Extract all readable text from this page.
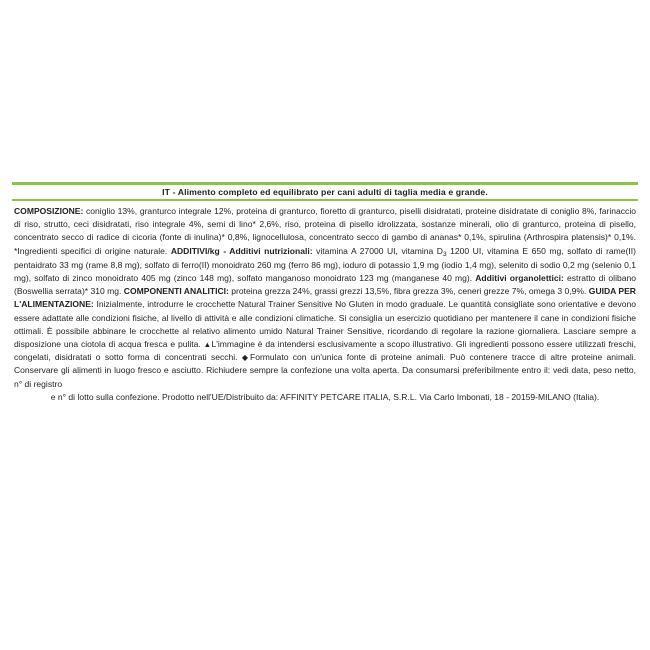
IT - Alimento completo ed equilibrato per cani adulti di taglia media e grande.
COMPOSIZIONE: coniglio 13%, granturco integrale 12%, proteina di granturco, fioretto di granturco, piselli disidratati, proteine disidratate di coniglio 8%, farinaccio di riso, strutto, ceci disidratati, riso integrale 4%, semi di lino* 2,6%, riso, proteina di pisello idrolizzata, sostanze minerali, olio di granturco, proteina di pisello, concentrato secco di radice di cicoria (fonte di inulina)* 0,8%, lignocellulosa, concentrato secco di gambo di ananas* 0,1%, spirulina (Arthrospira platensis)* 0,1%. *Ingredienti specifici di origine naturale. ADDITIVI/kg - Additivi nutrizionali: vitamina A 27000 UI, vitamina $D_3$ 1200 UI, vitamina E 650 mg, solfato di rame(II) pentaidrato 33 mg (rame 8,8 mg), solfato di ferro(II) monoidrato 260 mg (ferro 86 mg), ioduro di potassio 1,9 mg (iodio 1,4 mg), selenito di sodio 0,2 mg (selenio 0,1 mg), solfato di zinco monoidrato 405 mg (zinco 148 mg), solfato manganoso monoidrato 123 mg (manganese 40 mg). Additivi organolettici: estratto di olibano (Boswellia serrata)* 310 mg. COMPONENTI ANALITICI: proteina grezza 24%, grassi grezzi 13,5%, fibra grezza 3%, ceneri grezze 7%, omega 3 0,9%. GUIDA PER L'ALIMENTAZIONE: Inizialmente, introdurre le crocchette Natural Trainer Sensitive No Gluten in modo graduale. Le quantità consigliate sono orientative e devono essere adattate alle condizioni fisiche, al livello di attività e alle condizioni climatiche. Si consiglia un esercizio quotidiano per mantenere il cane in condizioni fisiche ottimali. È possibile abbinare le crocchette al relativo alimento umido Natural Trainer Sensitive, ricordando di regolare la razione giornaliera. Lasciare sempre a disposizione una ciotola di acqua fresca e pulita. ▲L'immagine è da intendersi esclusivamente a scopo illustrativo. Gli ingredienti possono essere utilizzati freschi, congelati, disidratati o sotto forma di concentrati secchi. ◆Formulato con un'unica fonte di proteine animali. Può contenere tracce di altre proteine animali. Conservare gli alimenti in luogo fresco e asciutto. Richiudere sempre la confezione una volta aperta. Da consumarsi preferibilmente entro il: vedi data, peso netto, n° di registro
e n° di lotto sulla confezione. Prodotto nell'UE/Distribuito da: AFFINITY PETCARE ITALIA, S.R.L. Via Carlo Imbonati, 18 - 20159-MILANO (Italia).
